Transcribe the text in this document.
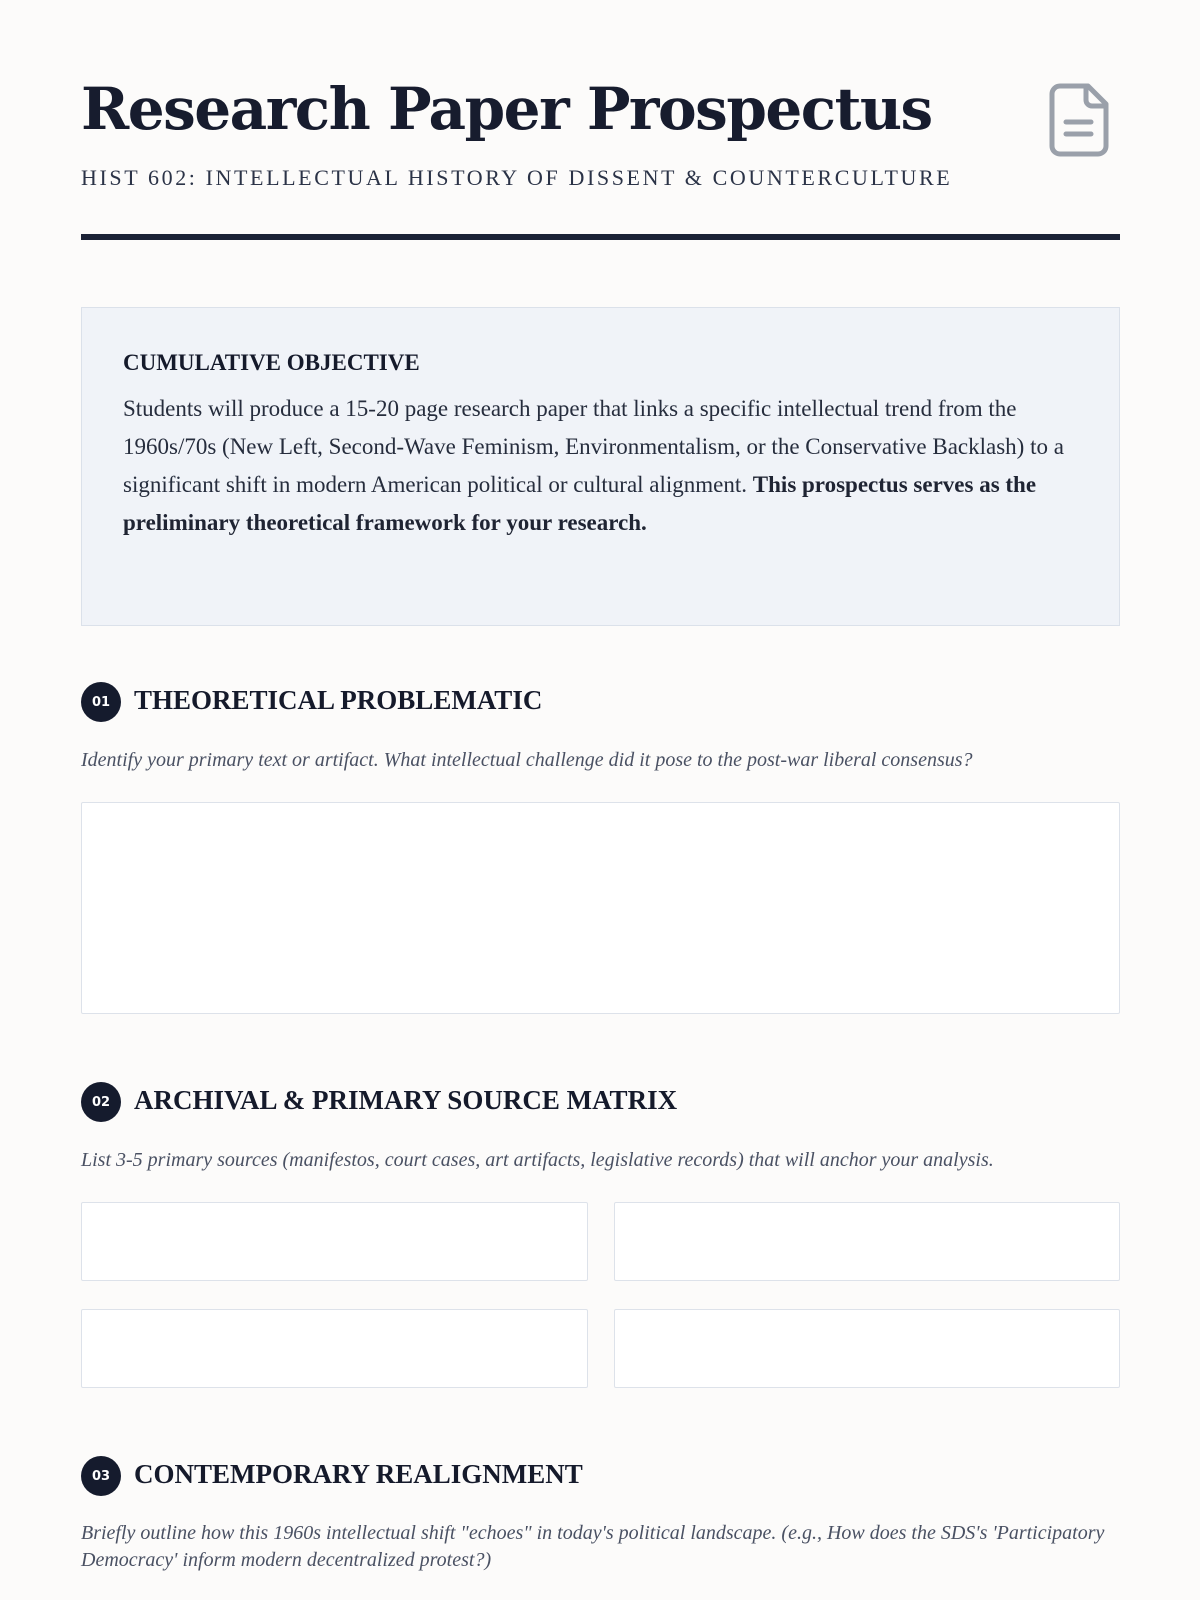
Research Paper Prospectus
HIST 602: INTELLECTUAL HISTORY OF DISSENT & COUNTERCULTURE
CUMULATIVE OBJECTIVE

Students will produce a 15-20 page research paper that links a specific intellectual trend from the 1960s/70s (New Left, Second-Wave Feminism, Environmentalism, or the Conservative Backlash) to a significant shift in modern American political or cultural alignment. This prospectus serves as the preliminary theoretical framework for your research.

01 THEORETICAL PROBLEMATIC
Identify your primary text or artifact. What intellectual challenge did it pose to the post-war liberal consensus?
02 ARCHIVAL & PRIMARY SOURCE MATRIX
List 3-5 primary sources (manifestos, court cases, art artifacts, legislative records) that will anchor your analysis.
03 CONTEMPORARY REALIGNMENT
Briefly outline how this 1960s intellectual shift "echoes" in today's political landscape. (e.g., How does the SDS's 'Participatory Democracy' inform modern decentralized protest?)
